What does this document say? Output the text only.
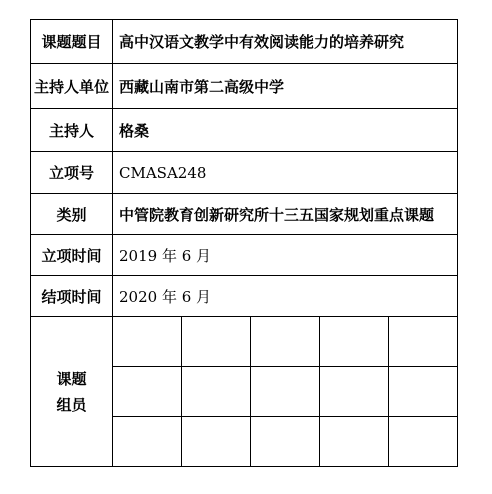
课题题目	高中汉语文教学中有效阅读能力的培养研究				
主持人单位	西藏山南市第二高级中学				
主持人	格桑				
立项号	CMASA248				
类别	中管院教育创新研究所十三五国家规划重点课题				
立项时间	2019 年 6 月				
结项时间	2020 年 6 月				

课题
组员					
